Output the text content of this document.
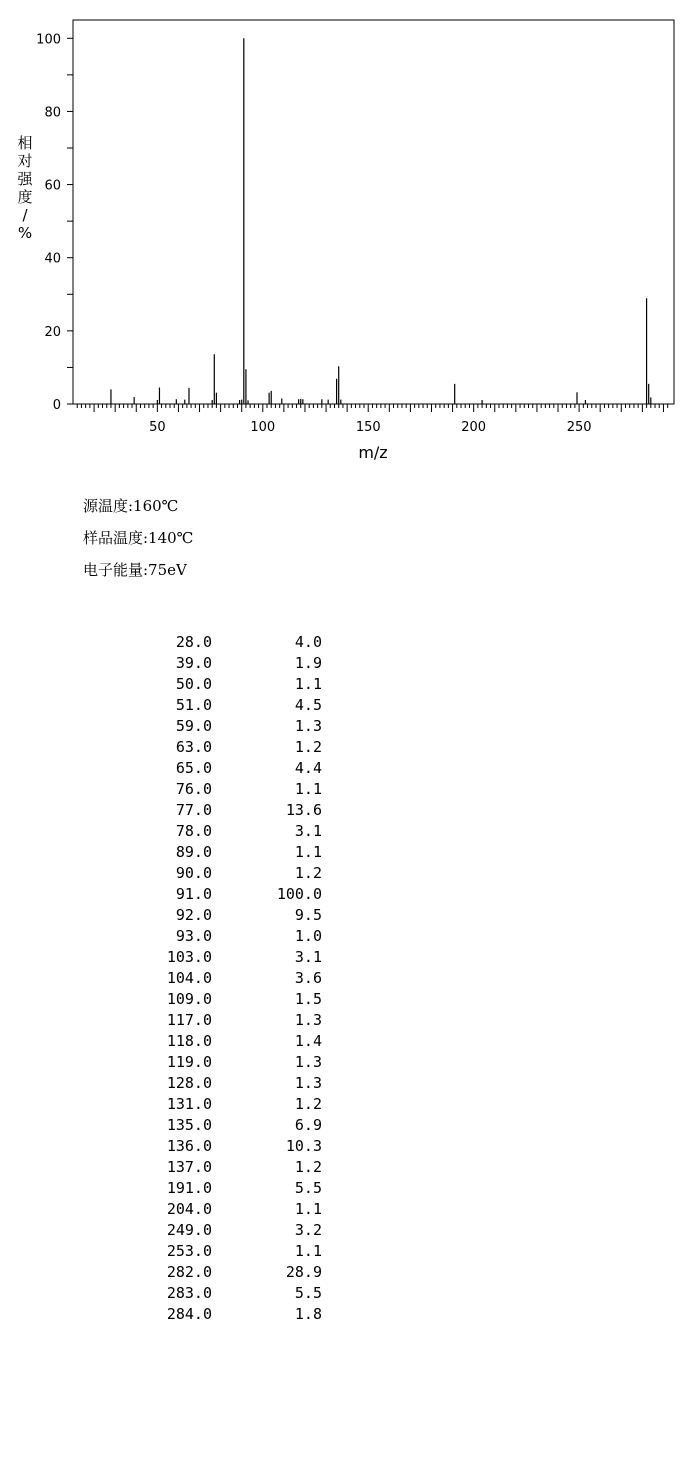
0
20
40
60
80
100
50	100	150	200	250
m/z
相对强度/ %
源温度:160℃
样品温度:140℃
电子能量:75eV
28.0	4.0
39.0	1.9
50.0	1.1
51.0	4.5
59.0	1.3
63.0	1.2
65.0	4.4
76.0	1.1
77.0	13.6
78.0	3.1
89.0	1.1
90.0	1.2
91.0	100.0
92.0	9.5
93.0	1.0
103.0	3.1
104.0	3.6
109.0	1.5
117.0	1.3
118.0	1.4
119.0	1.3
128.0	1.3
131.0	1.2
135.0	6.9
136.0	10.3
137.0	1.2
191.0	5.5
204.0	1.1
249.0	3.2
253.0	1.1
282.0	28.9
283.0	5.5
284.0	1.8
